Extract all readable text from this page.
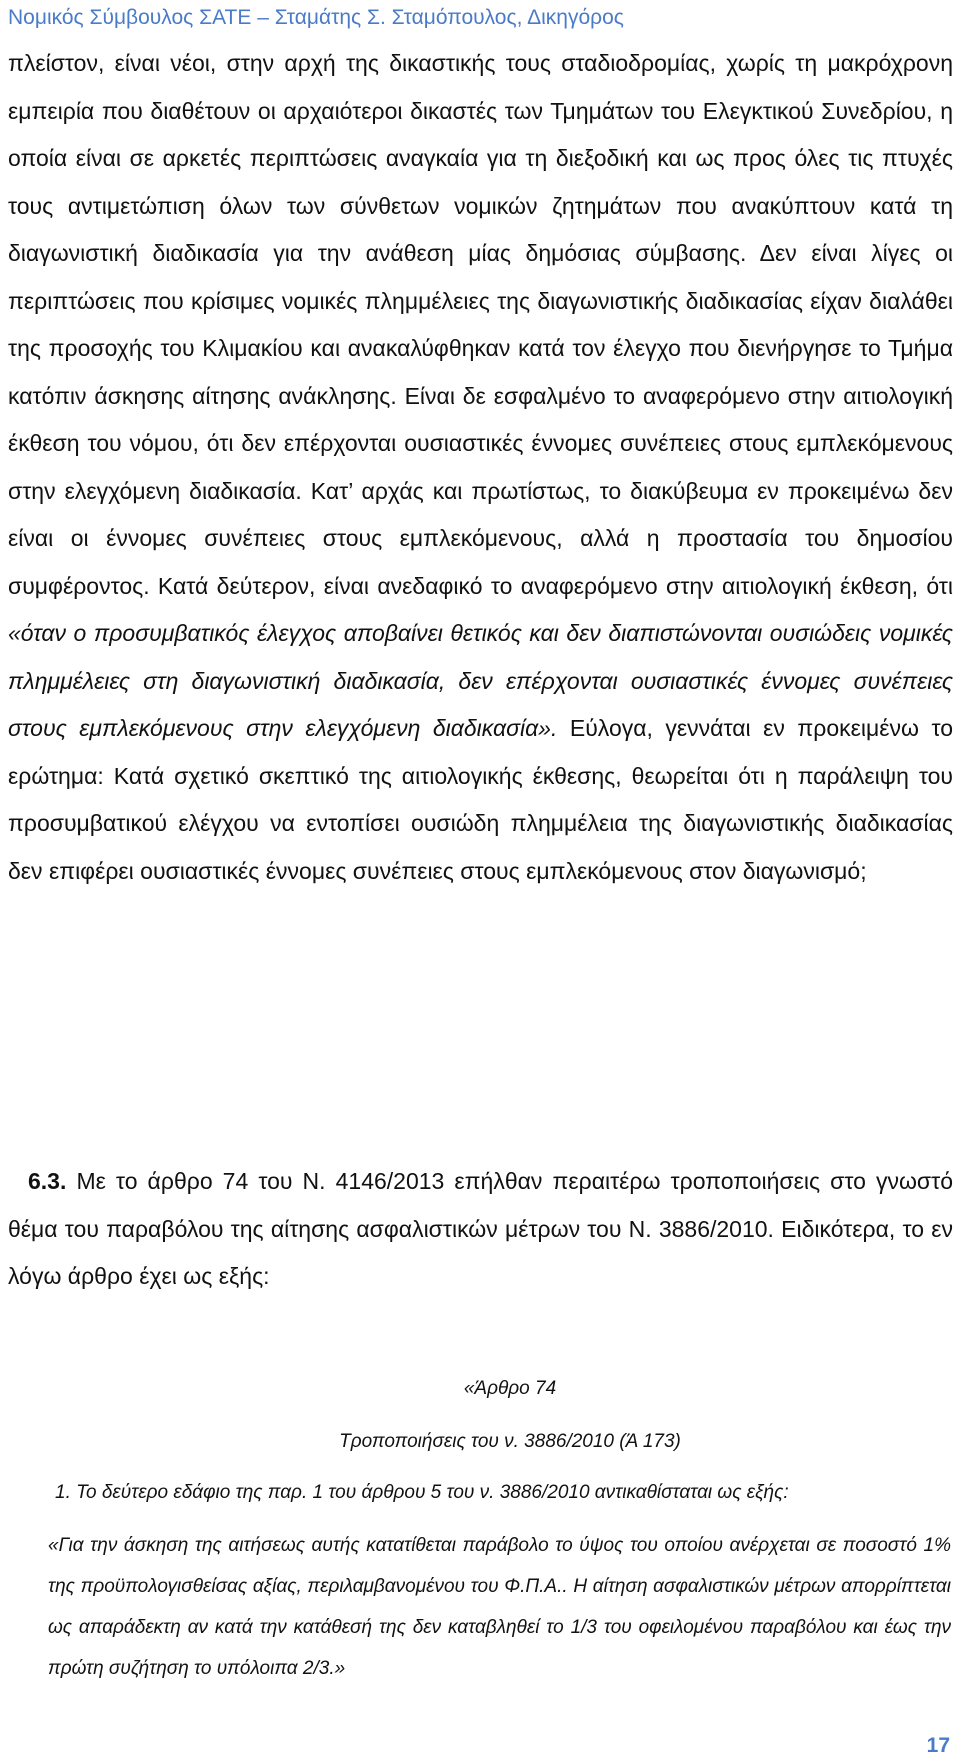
Νομικός Σύμβουλος ΣΑΤΕ – Σταμάτης Σ. Σταμόπουλος, Δικηγόρος
πλείστον, είναι νέοι, στην αρχή της δικαστικής τους σταδιοδρομίας, χωρίς τη μακρόχρονη εμπειρία που διαθέτουν οι αρχαιότεροι δικαστές των Τμημάτων του Ελεγκτικού Συνεδρίου, η οποία είναι σε αρκετές περιπτώσεις αναγκαία για τη διεξοδική και ως προς όλες τις πτυχές τους αντιμετώπιση όλων των σύνθετων νομικών ζητημάτων που ανακύπτουν κατά τη διαγωνιστική διαδικασία για την ανάθεση μίας δημόσιας σύμβασης. Δεν είναι λίγες οι περιπτώσεις που κρίσιμες νομικές πλημμέλειες της διαγωνιστικής διαδικασίας είχαν διαλάθει της προσοχής του Κλιμακίου και ανακαλύφθηκαν κατά τον έλεγχο που διενήργησε το Τμήμα κατόπιν άσκησης αίτησης ανάκλησης. Είναι δε εσφαλμένο το αναφερόμενο στην αιτιολογική έκθεση του νόμου, ότι δεν επέρχονται ουσιαστικές έννομες συνέπειες στους εμπλεκόμενους στην ελεγχόμενη διαδικασία. Κατ’ αρχάς και πρωτίστως, το διακύβευμα εν προκειμένω δεν είναι οι έννομες συνέπειες στους εμπλεκόμενους, αλλά η προστασία του δημοσίου συμφέροντος. Κατά δεύτερον, είναι ανεδαφικό το αναφερόμενο στην αιτιολογική έκθεση, ότι «όταν ο προσυμβατικός έλεγχος αποβαίνει θετικός και δεν διαπιστώνονται ουσιώδεις νομικές πλημμέλειες στη διαγωνιστική διαδικασία, δεν επέρχονται ουσιαστικές έννομες συνέπειες στους εμπλεκόμενους στην ελεγχόμενη διαδικασία». Εύλογα, γεννάται εν προκειμένω το ερώτημα: Κατά σχετικό σκεπτικό της αιτιολογικής έκθεσης, θεωρείται ότι η παράλειψη του προσυμβατικού ελέγχου να εντοπίσει ουσιώδη πλημμέλεια της διαγωνιστικής διαδικασίας δεν επιφέρει ουσιαστικές έννομες συνέπειες στους εμπλεκόμενους στον διαγωνισμό;
6.3. Με το άρθρο 74 του Ν. 4146/2013 επήλθαν περαιτέρω τροποποιήσεις στο γνωστό θέμα του παραβόλου της αίτησης ασφαλιστικών μέτρων του Ν. 3886/2010. Ειδικότερα, το εν λόγω άρθρο έχει ως εξής:
«Άρθρο 74
Τροποποιήσεις του ν. 3886/2010 (Ά 173)
1. Το δεύτερο εδάφιο της παρ. 1 του άρθρου 5 του ν. 3886/2010 αντικαθίσταται ως εξής:
«Για την άσκηση της αιτήσεως αυτής κατατίθεται παράβολο το ύψος του οποίου ανέρχεται σε ποσοστό 1% της προϋπολογισθείσας αξίας, περιλαμβανομένου του Φ.Π.Α.. Η αίτηση ασφαλιστικών μέτρων απορρίπτεται ως απαράδεκτη αν κατά την κατάθεσή της δεν καταβληθεί το 1/3 του οφειλομένου παραβόλου και έως την πρώτη συζήτηση το υπόλοιπα 2/3.»
17
